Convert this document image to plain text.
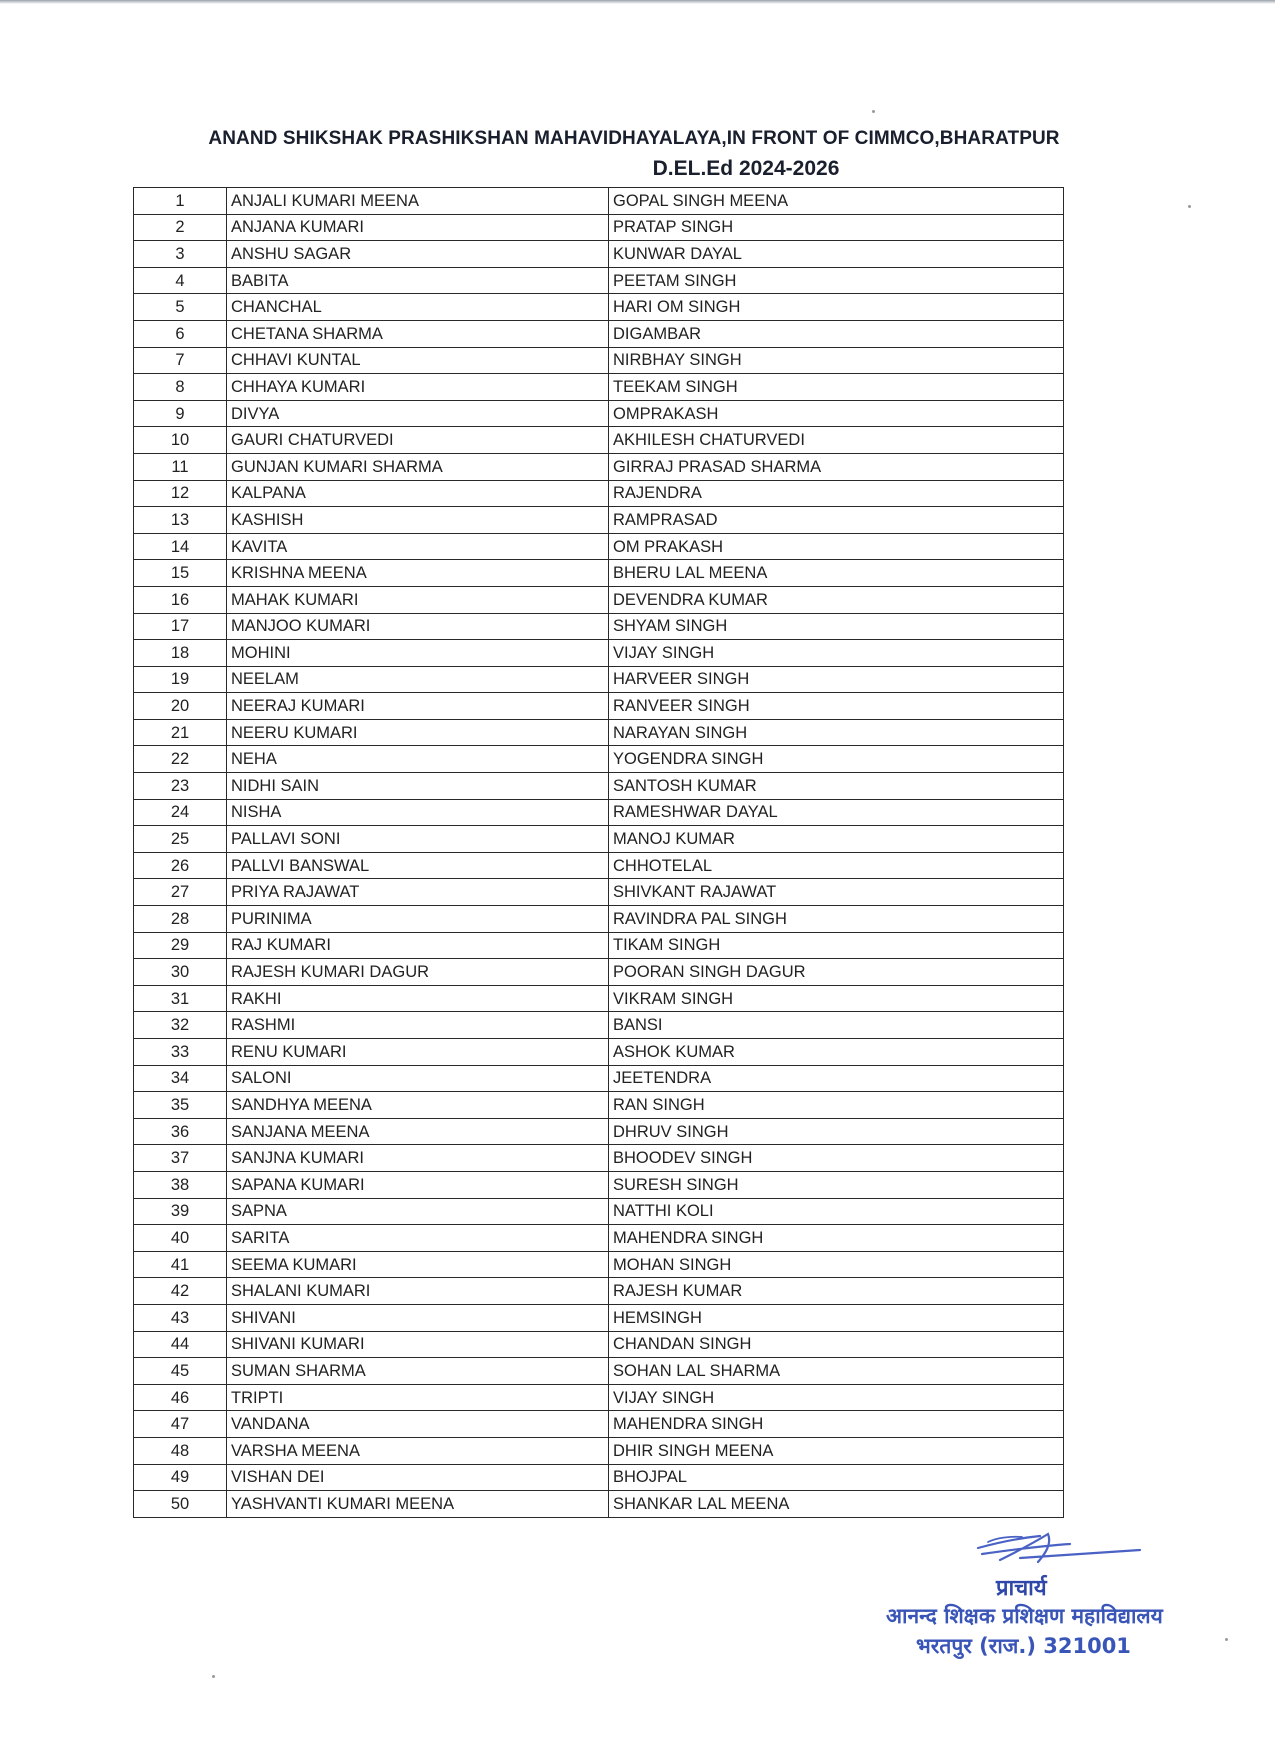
ANAND SHIKSHAK PRASHIKSHAN MAHAVIDHAYALAYA,IN FRONT OF CIMMCO,BHARATPUR
D.EL.Ed 2024-2026
1	ANJALI KUMARI MEENA	GOPAL SINGH MEENA
2	ANJANA KUMARI	PRATAP SINGH
3	ANSHU SAGAR	KUNWAR DAYAL
4	BABITA	PEETAM SINGH
5	CHANCHAL	HARI OM SINGH
6	CHETANA SHARMA	DIGAMBAR
7	CHHAVI KUNTAL	NIRBHAY SINGH
8	CHHAYA KUMARI	TEEKAM SINGH
9	DIVYA	OMPRAKASH
10	GAURI CHATURVEDI	AKHILESH CHATURVEDI
11	GUNJAN KUMARI SHARMA	GIRRAJ PRASAD SHARMA
12	KALPANA	RAJENDRA
13	KASHISH	RAMPRASAD
14	KAVITA	OM PRAKASH
15	KRISHNA MEENA	BHERU LAL MEENA
16	MAHAK KUMARI	DEVENDRA KUMAR
17	MANJOO KUMARI	SHYAM SINGH
18	MOHINI	VIJAY SINGH
19	NEELAM	HARVEER SINGH
20	NEERAJ KUMARI	RANVEER SINGH
21	NEERU KUMARI	NARAYAN SINGH
22	NEHA	YOGENDRA SINGH
23	NIDHI SAIN	SANTOSH KUMAR
24	NISHA	RAMESHWAR DAYAL
25	PALLAVI SONI	MANOJ KUMAR
26	PALLVI BANSWAL	CHHOTELAL
27	PRIYA RAJAWAT	SHIVKANT RAJAWAT
28	PURINIMA	RAVINDRA PAL SINGH
29	RAJ KUMARI	TIKAM SINGH
30	RAJESH KUMARI DAGUR	POORAN SINGH DAGUR
31	RAKHI	VIKRAM SINGH
32	RASHMI	BANSI
33	RENU KUMARI	ASHOK KUMAR
34	SALONI	JEETENDRA
35	SANDHYA MEENA	RAN SINGH
36	SANJANA MEENA	DHRUV SINGH
37	SANJNA KUMARI	BHOODEV SINGH
38	SAPANA KUMARI	SURESH SINGH
39	SAPNA	NATTHI KOLI
40	SARITA	MAHENDRA SINGH
41	SEEMA KUMARI	MOHAN SINGH
42	SHALANI KUMARI	RAJESH KUMAR
43	SHIVANI	HEMSINGH
44	SHIVANI KUMARI	CHANDAN SINGH
45	SUMAN SHARMA	SOHAN LAL SHARMA
46	TRIPTI	VIJAY SINGH
47	VANDANA	MAHENDRA SINGH
48	VARSHA MEENA	DHIR SINGH MEENA
49	VISHAN DEI	BHOJPAL
50	YASHVANTI KUMARI MEENA	SHANKAR LAL MEENA
प्राचार्य
आनन्द शिक्षक प्रशिक्षण महाविद्यालय
भरतपुर (राज.) 321001
